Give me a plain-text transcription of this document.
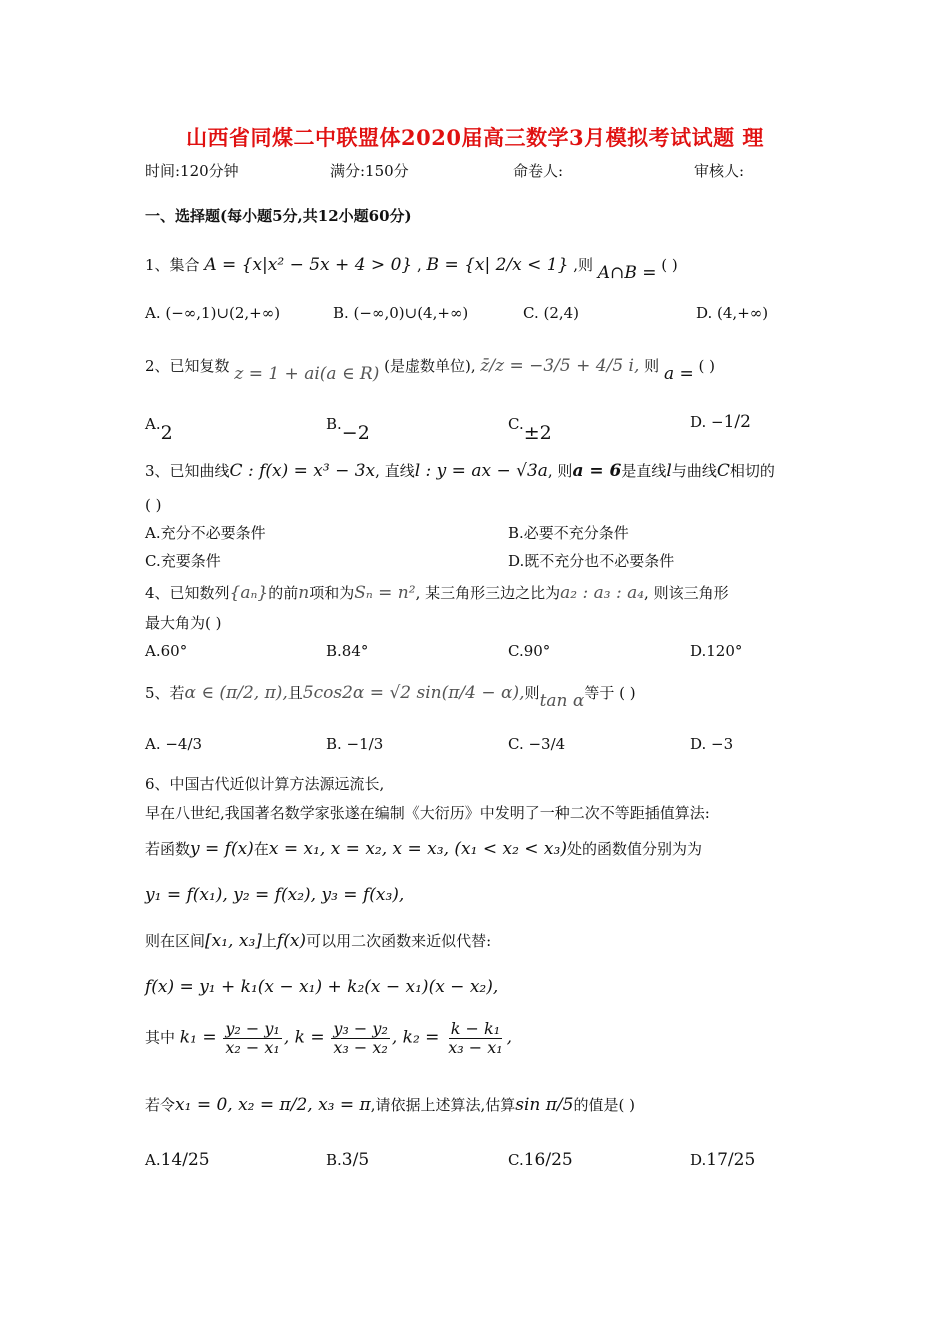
山西省同煤二中联盟体2020届高三数学3月模拟考试试题 理
时间:120分钟	满分:150分	命卷人:	审核人:
一、选择题(每小题5分,共12小题60分)
1、集合 A = {x|x² − 5x + 4 > 0} , B = {x| 2/x < 1} ,则 A∩B = ( )
A. (−∞,1)∪(2,+∞)	B. (−∞,0)∪(4,+∞)	C. (2,4)	D. (4,+∞)
2、已知复数 z = 1 + ai(a ∈ R) (是虚数单位), z̄/z = −3/5 + 4/5 i, 则 a = ( )
A.2	B.−2	C.±2	D. −1/2
3、已知曲线C : f(x) = x³ − 3x, 直线l : y = ax − √3a, 则a = 6是直线l与曲线C相切的
( )
A.充分不必要条件	B.必要不充分条件
C.充要条件	D.既不充分也不必要条件
4、已知数列{aₙ}的前n项和为Sₙ = n², 某三角形三边之比为a₂ : a₃ : a₄, 则该三角形
最大角为( )
A.60°	B.84°	C.90°	D.120°
5、若α ∈ (π/2, π),且5cos2α = √2 sin(π/4 − α),则tan α等于 ( )
A. −4/3	B. −1/3	C. −3/4	D. −3
6、中国古代近似计算方法源远流长,
早在八世纪,我国著名数学家张遂在编制《大衍历》中发明了一种二次不等距插值算法:
若函数y = f(x)在x = x₁, x = x₂, x = x₃, (x₁ < x₂ < x₃)处的函数值分别为为
y₁ = f(x₁), y₂ = f(x₂), y₃ = f(x₃),
则在区间[x₁, x₃]上f(x)可以用二次函数来近似代替:
f(x) = y₁ + k₁(x − x₁) + k₂(x − x₁)(x − x₂),
其中 $k_1 = \frac{\text{y₂ − y₁}}{\text{x₂ − x₁}}$ , $k = \frac{\text{y₃ − y₂}}{\text{x₃ − x₂}}$ , $k_2 = \frac{\text{k − k₁}}{\text{x₃ − x₁}}$ ,
若令x₁ = 0, x₂ = π/2, x₃ = π,请依据上述算法,估算sin π/5的值是( )
A.14/25	B.3/5	C.16/25	D.17/25
